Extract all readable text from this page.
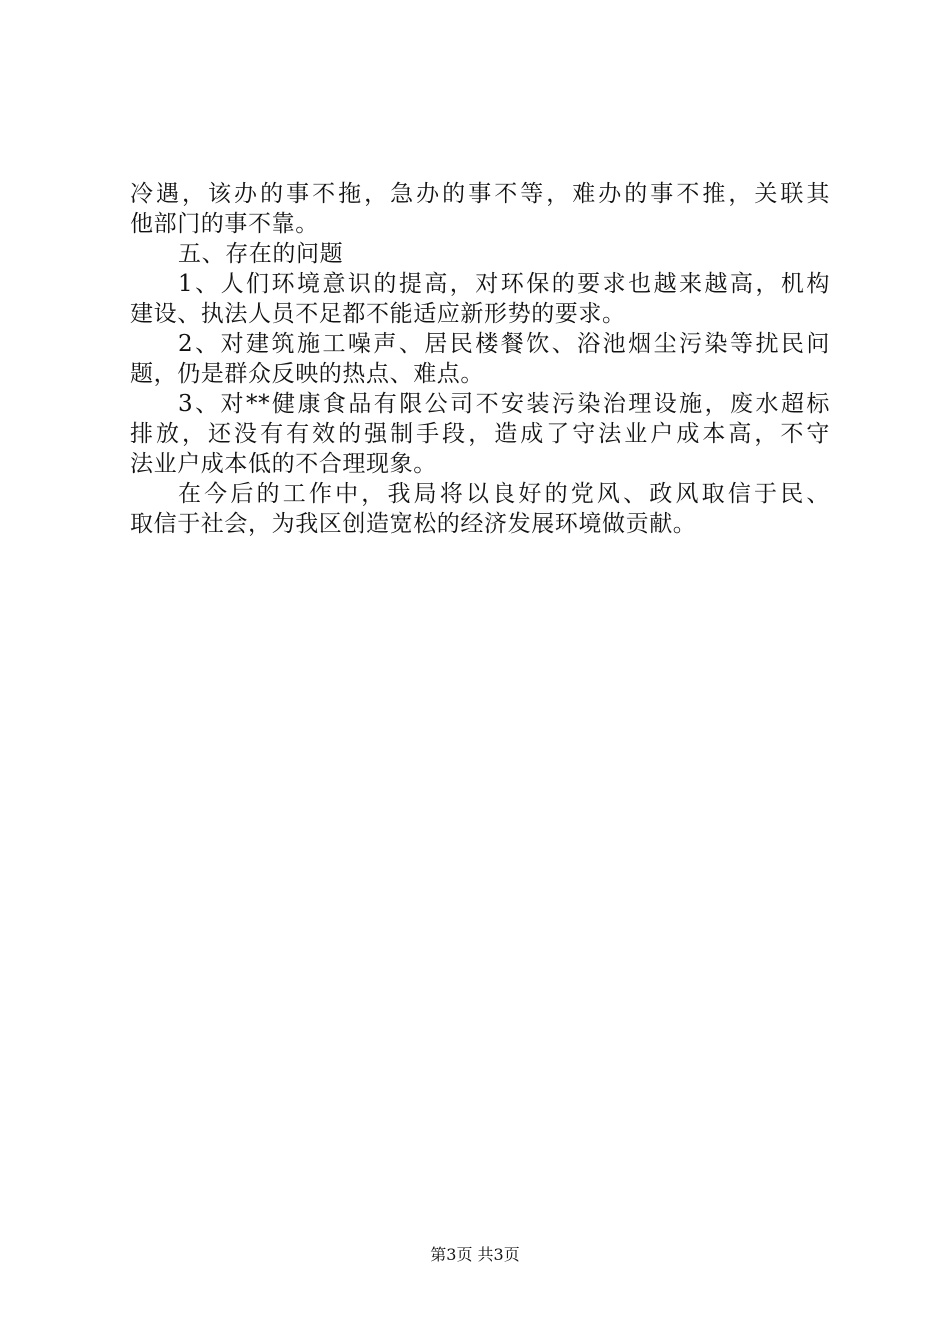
冷遇，该办的事不拖，急办的事不等，难办的事不推，关联其
他部门的事不靠。
五、存在的问题
1、人们环境意识的提高，对环保的要求也越来越高，机构
建设、执法人员不足都不能适应新形势的要求。
2、对建筑施工噪声、居民楼餐饮、浴池烟尘污染等扰民问
题，仍是群众反映的热点、难点。
3、对**健康食品有限公司不安装污染治理设施，废水超标
排放，还没有有效的强制手段，造成了守法业户成本高，不守
法业户成本低的不合理现象。
在今后的工作中，我局将以良好的党风、政风取信于民、
取信于社会，为我区创造宽松的经济发展环境做贡献。
第3页 共3页
